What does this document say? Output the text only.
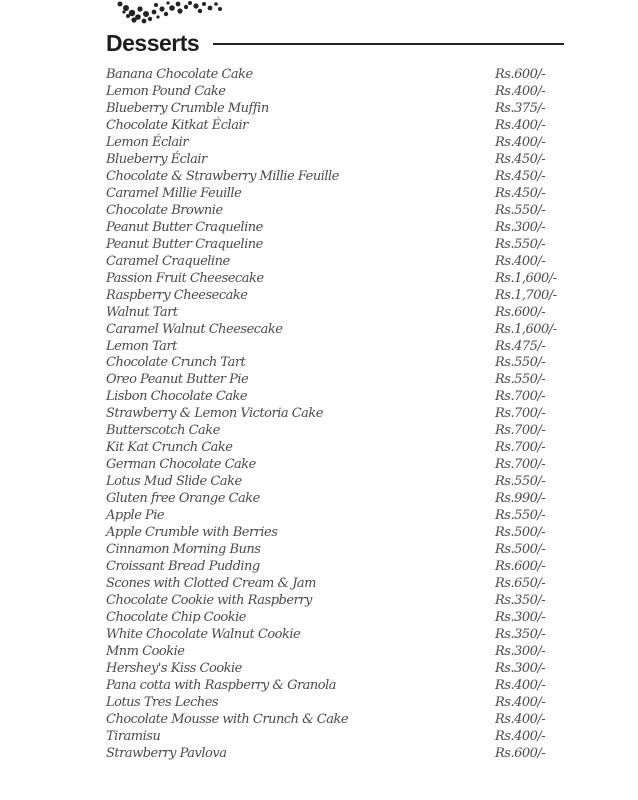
Desserts
Banana Chocolate Cake	Rs.600/-
Lemon Pound Cake	Rs.400/-
Blueberry Crumble Muffin	Rs.375/-
Chocolate Kitkat Éclair	Rs.400/-
Lemon Éclair	Rs.400/-
Blueberry Éclair	Rs.450/-
Chocolate & Strawberry Millie Feuille	Rs.450/-
Caramel Millie Feuille	Rs.450/-
Chocolate Brownie	Rs.550/-
Peanut Butter Craqueline	Rs.300/-
Peanut Butter Craqueline	Rs.550/-
Caramel Craqueline	Rs.400/-
Passion Fruit Cheesecake	Rs.1,600/-
Raspberry Cheesecake	Rs.1,700/-
Walnut Tart	Rs.600/-
Caramel Walnut Cheesecake	Rs.1,600/-
Lemon Tart	Rs.475/-
Chocolate Crunch Tart	Rs.550/-
Oreo Peanut Butter Pie	Rs.550/-
Lisbon Chocolate Cake	Rs.700/-
Strawberry & Lemon Victoria Cake	Rs.700/-
Butterscotch Cake	Rs.700/-
Kit Kat Crunch Cake	Rs.700/-
German Chocolate Cake	Rs.700/-
Lotus Mud Slide Cake	Rs.550/-
Gluten free Orange Cake	Rs.990/-
Apple Pie	Rs.550/-
Apple Crumble with Berries	Rs.500/-
Cinnamon Morning Buns	Rs.500/-
Croissant Bread Pudding	Rs.600/-
Scones with Clotted Cream & Jam	Rs.650/-
Chocolate Cookie with Raspberry	Rs.350/-
Chocolate Chip Cookie	Rs.300/-
White Chocolate Walnut Cookie	Rs.350/-
Mnm Cookie	Rs.300/-
Hershey's Kiss Cookie	Rs.300/-
Pana cotta with Raspberry & Granola	Rs.400/-
Lotus Tres Leches	Rs.400/-
Chocolate Mousse with Crunch & Cake	Rs.400/-
Tiramisu	Rs.400/-
Strawberry Pavlova	Rs.600/-
